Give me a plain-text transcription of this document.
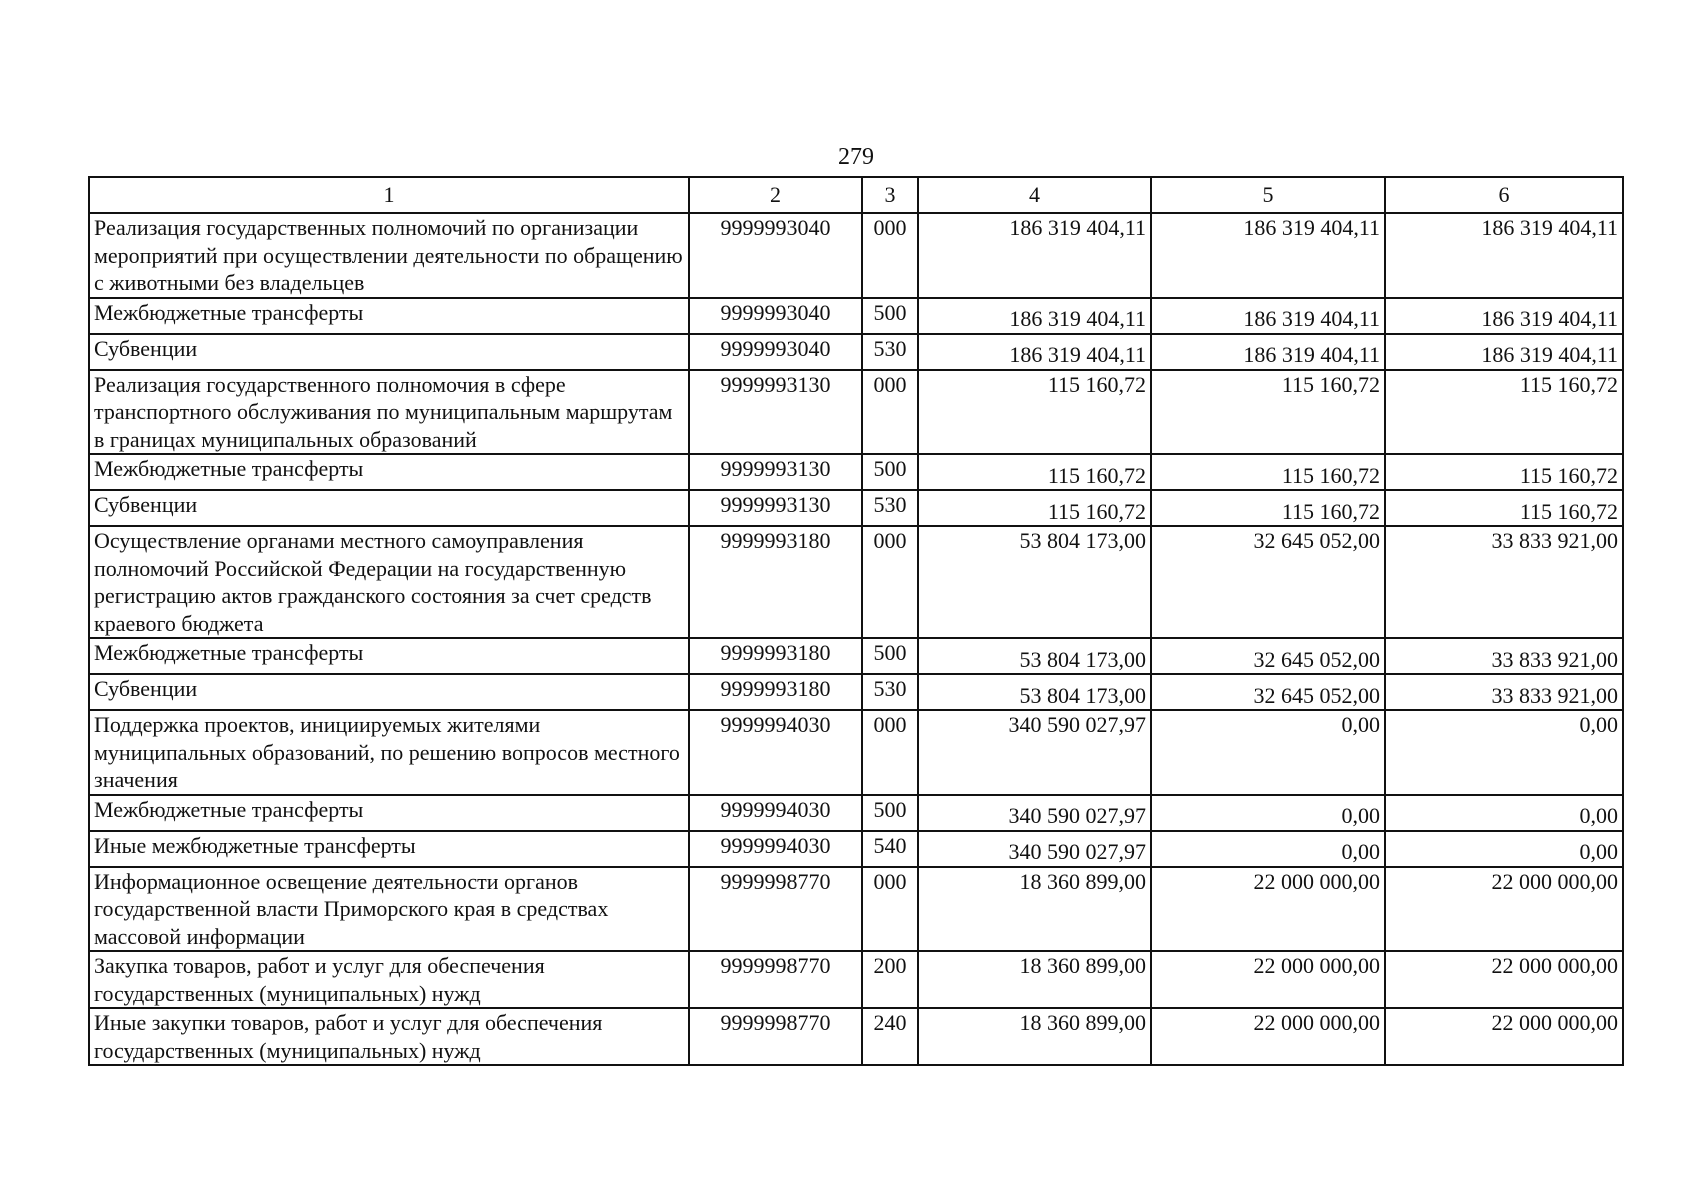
279
1	2	3	4	5	6
Реализация государственных полномочий по организации мероприятий при осуществлении деятельности по обращению с животными без владельцев	9999993040	000	186 319 404,11	186 319 404,11	186 319 404,11
Межбюджетные трансферты	9999993040	500	186 319 404,11	186 319 404,11	186 319 404,11
Субвенции	9999993040	530	186 319 404,11	186 319 404,11	186 319 404,11
Реализация государственного полномочия в сфере транспортного обслуживания по муниципальным маршрутам в границах муниципальных образований	9999993130	000	115 160,72	115 160,72	115 160,72
Межбюджетные трансферты	9999993130	500	115 160,72	115 160,72	115 160,72
Субвенции	9999993130	530	115 160,72	115 160,72	115 160,72
Осуществление органами местного самоуправления полномочий Российской Федерации на государственную регистрацию актов гражданского состояния за счет средств краевого бюджета	9999993180	000	53 804 173,00	32 645 052,00	33 833 921,00
Межбюджетные трансферты	9999993180	500	53 804 173,00	32 645 052,00	33 833 921,00
Субвенции	9999993180	530	53 804 173,00	32 645 052,00	33 833 921,00
Поддержка проектов, инициируемых жителями муниципальных образований, по решению вопросов местного значения	9999994030	000	340 590 027,97	0,00	0,00
Межбюджетные трансферты	9999994030	500	340 590 027,97	0,00	0,00
Иные межбюджетные трансферты	9999994030	540	340 590 027,97	0,00	0,00
Информационное освещение деятельности органов государственной власти Приморского края в средствах массовой информации	9999998770	000	18 360 899,00	22 000 000,00	22 000 000,00
Закупка товаров, работ и услуг для обеспечения государственных (муниципальных) нужд	9999998770	200	18 360 899,00	22 000 000,00	22 000 000,00
Иные закупки товаров, работ и услуг для обеспечения государственных (муниципальных) нужд	9999998770	240	18 360 899,00	22 000 000,00	22 000 000,00
